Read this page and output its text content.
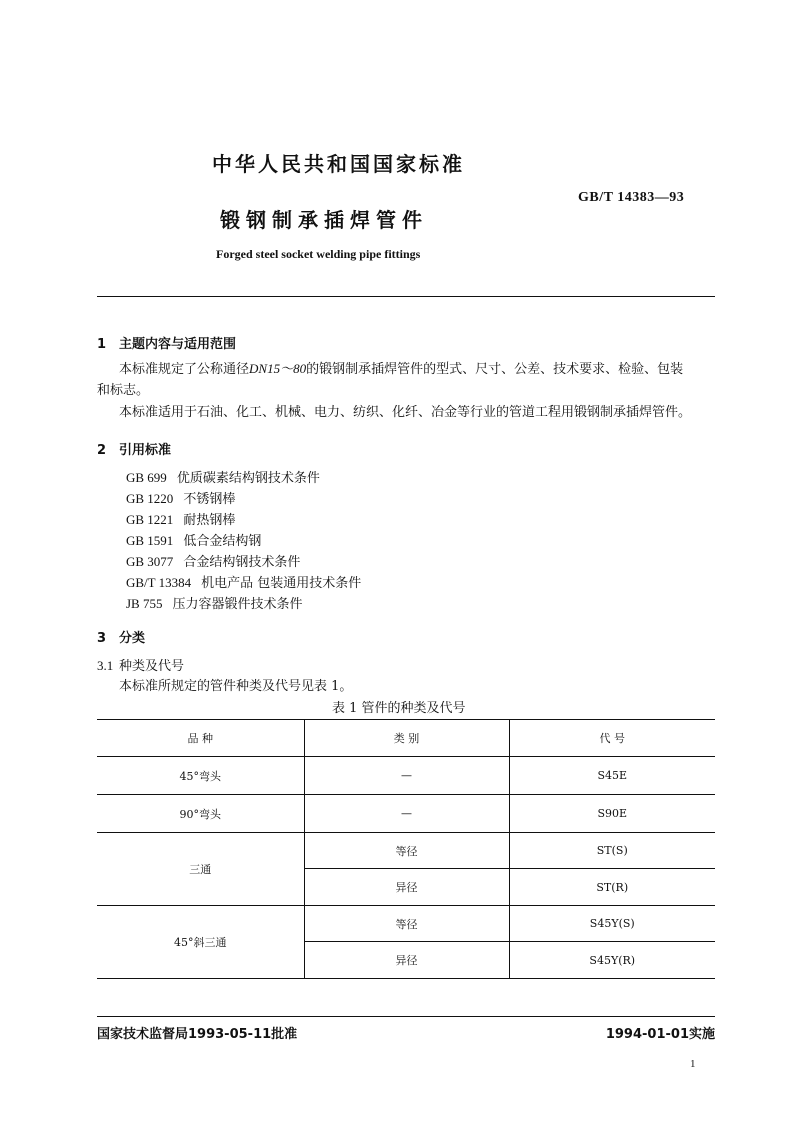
中华人民共和国国家标准
GB/T 14383—93
锻钢制承插焊管件
Forged steel socket welding pipe fittings
1 主题内容与适用范围
本标准规定了公称通径DN15～80的锻钢制承插焊管件的型式、尺寸、公差、技术要求、检验、包装
和标志。
本标准适用于石油、化工、机械、电力、纺织、化纤、冶金等行业的管道工程用锻钢制承插焊管件。
2 引用标准
GB 699 优质碳素结构钢技术条件
GB 1220 不锈钢棒
GB 1221 耐热钢棒
GB 1591 低合金结构钢
GB 3077 合金结构钢技术条件
GB/T 13384 机电产品 包装通用技术条件
JB 755 压力容器锻件技术条件
3 分类
3.1 种类及代号
本标准所规定的管件种类及代号见表 1。
表 1 管件的种类及代号
品 种	类 别	代 号
45°弯头	—	S45E
90°弯头	—	S90E
三通	等径	ST(S)
	异径	ST(R)
45°斜三通	等径	S45Y(S)
	异径	S45Y(R)
国家技术监督局1993-05-11批准	1994-01-01实施
1
